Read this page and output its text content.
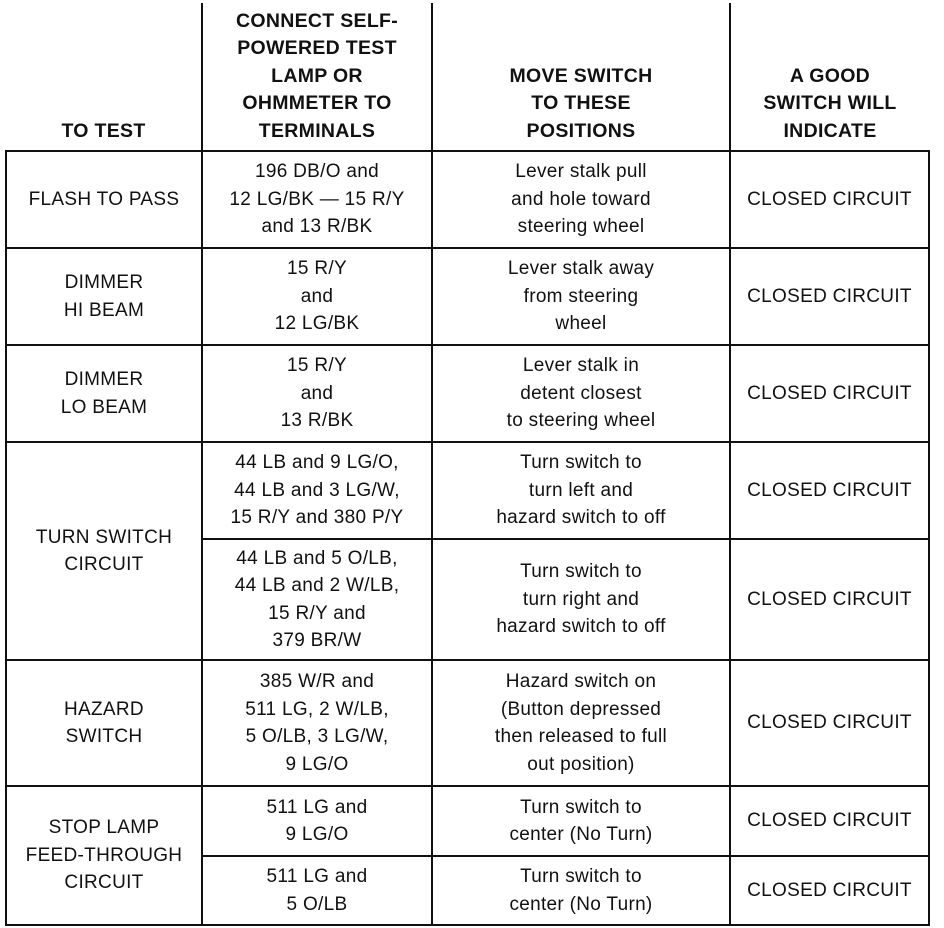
TO TEST	CONNECT SELF-
POWERED TEST
LAMP OR
OHMMETER TO
TERMINALS	MOVE SWITCH
TO THESE
POSITIONS	A GOOD
SWITCH WILL
INDICATE
FLASH TO PASS	196 DB/O and
12 LG/BK — 15 R/Y
and 13 R/BK	Lever stalk pull
and hole toward
steering wheel	CLOSED CIRCUIT
DIMMER
HI BEAM	15 R/Y
and
12 LG/BK	Lever stalk away
from steering
wheel	CLOSED CIRCUIT
DIMMER
LO BEAM	15 R/Y
and
13 R/BK	Lever stalk in
detent closest
to steering wheel	CLOSED CIRCUIT
TURN SWITCH
CIRCUIT	44 LB and 9 LG/O,
44 LB and 3 LG/W,
15 R/Y and 380 P/Y	Turn switch to
turn left and
hazard switch to off	CLOSED CIRCUIT
	44 LB and 5 O/LB,
44 LB and 2 W/LB,
15 R/Y and
379 BR/W	Turn switch to
turn right and
hazard switch to off	CLOSED CIRCUIT
HAZARD
SWITCH	385 W/R and
511 LG, 2 W/LB,
5 O/LB, 3 LG/W,
9 LG/O	Hazard switch on
(Button depressed
then released to full
out position)	CLOSED CIRCUIT
STOP LAMP
FEED-THROUGH
CIRCUIT	511 LG and
9 LG/O	Turn switch to
center (No Turn)	CLOSED CIRCUIT
	511 LG and
5 O/LB	Turn switch to
center (No Turn)	CLOSED CIRCUIT
